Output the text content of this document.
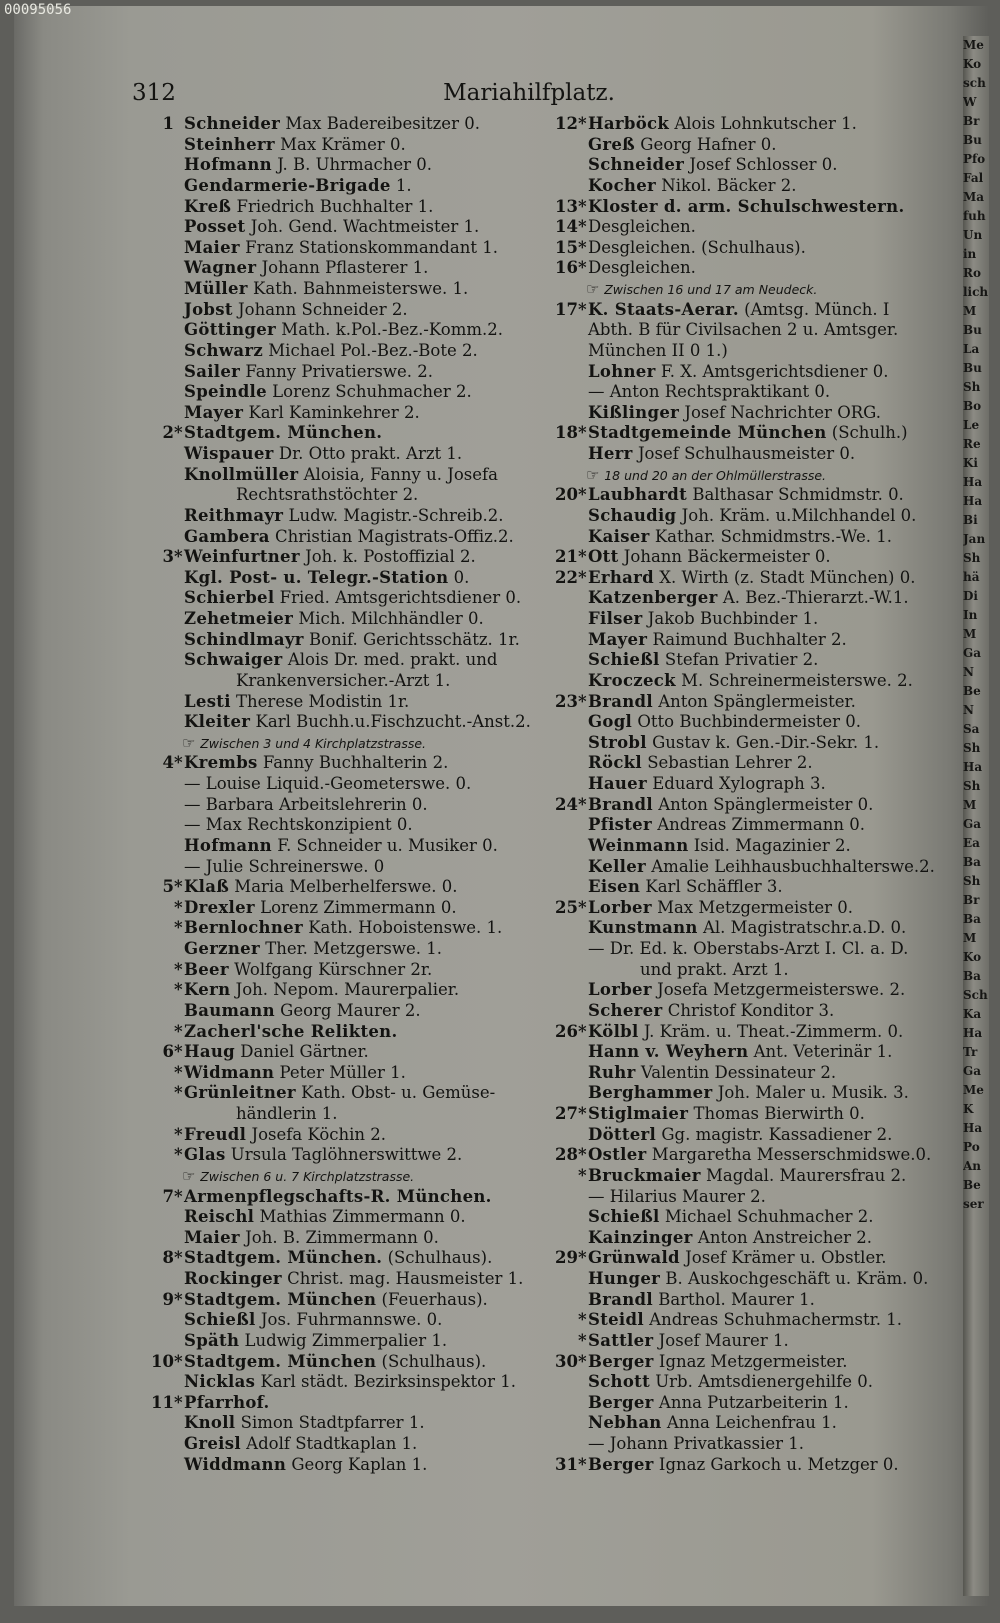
00095056
312	Mariahilfplatz.
1 Schneider Max Badereibesitzer 0.
Steinherr Max Krämer 0.
Hofmann J. B. Uhrmacher 0.
Gendarmerie-Brigade 1.
Kreß Friedrich Buchhalter 1.
Posset Joh. Gend. Wachtmeister 1.
Maier Franz Stationskommandant 1.
Wagner Johann Pflasterer 1.
Müller Kath. Bahnmeisterswe. 1.
Jobst Johann Schneider 2.
Göttinger Math. k.Pol.-Bez.-Komm.2.
Schwarz Michael Pol.-Bez.-Bote 2.
Sailer Fanny Privatierswe. 2.
Speindle Lorenz Schuhmacher 2.
Mayer Karl Kaminkehrer 2.
2*Stadtgem. München.
Wispauer Dr. Otto prakt. Arzt 1.
Knollmüller Aloisia, Fanny u. Josefa
Rechtsrathstöchter 2.
Reithmayr Ludw. Magistr.-Schreib.2.
Gambera Christian Magistrats-Offiz.2.
3*Weinfurtner Joh. k. Postoffizial 2.
Kgl. Post- u. Telegr.-Station 0.
Schierbel Fried. Amtsgerichtsdiener 0.
Zehetmeier Mich. Milchhändler 0.
Schindlmayr Bonif. Gerichtsschätz. 1r.
Schwaiger Alois Dr. med. prakt. und
Krankenversicher.-Arzt 1.
Lesti Therese Modistin 1r.
Kleiter Karl Buchh.u.Fischzucht.-Anst.2.
☞ Zwischen 3 und 4 Kirchplatzstrasse.
4*Krembs Fanny Buchhalterin 2.
— Louise Liquid.-Geometerswe. 0.
— Barbara Arbeitslehrerin 0.
— Max Rechtskonzipient 0.
Hofmann F. Schneider u. Musiker 0.
— Julie Schreinerswe. 0
5*Klaß Maria Melberhelferswe. 0.
*Drexler Lorenz Zimmermann 0.
*Bernlochner Kath. Hoboistenswe. 1.
Gerzner Ther. Metzgerswe. 1.
*Beer Wolfgang Kürschner 2r.
*Kern Joh. Nepom. Maurerpalier.
Baumann Georg Maurer 2.
*Zacherl'sche Relikten.
6*Haug Daniel Gärtner.
*Widmann Peter Müller 1.
*Grünleitner Kath. Obst- u. Gemüse-
händlerin 1.
*Freudl Josefa Köchin 2.
*Glas Ursula Taglöhnerswittwe 2.
☞ Zwischen 6 u. 7 Kirchplatzstrasse.
7*Armenpflegschafts-R. München.
Reischl Mathias Zimmermann 0.
Maier Joh. B. Zimmermann 0.
8*Stadtgem. München. (Schulhaus).
Rockinger Christ. mag. Hausmeister 1.
9*Stadtgem. München (Feuerhaus).
Schießl Jos. Fuhrmannswe. 0.
Späth Ludwig Zimmerpalier 1.
10*Stadtgem. München (Schulhaus).
Nicklas Karl städt. Bezirksinspektor 1.
11*Pfarrhof.
Knoll Simon Stadtpfarrer 1.
Greisl Adolf Stadtkaplan 1.
Widdmann Georg Kaplan 1.
12*Harböck Alois Lohnkutscher 1.
Greß Georg Hafner 0.
Schneider Josef Schlosser 0.
Kocher Nikol. Bäcker 2.
13*Kloster d. arm. Schulschwestern.
14*Desgleichen.
15*Desgleichen. (Schulhaus).
16*Desgleichen.
☞ Zwischen 16 und 17 am Neudeck.
17*K. Staats-Aerar. (Amtsg. Münch. I
Abth. B für Civilsachen 2 u. Amtsger.
München II 0 1.)
Lohner F. X. Amtsgerichtsdiener 0.
— Anton Rechtspraktikant 0.
Kißlinger Josef Nachrichter ORG.
18*Stadtgemeinde München (Schulh.)
Herr Josef Schulhausmeister 0.
☞ 18 und 20 an der Ohlmüllerstrasse.
20*Laubhardt Balthasar Schmidmstr. 0.
Schaudig Joh. Kräm. u.Milchhandel 0.
Kaiser Kathar. Schmidmstrs.-We. 1.
21*Ott Johann Bäckermeister 0.
22*Erhard X. Wirth (z. Stadt München) 0.
Katzenberger A. Bez.-Thierarzt.-W.1.
Filser Jakob Buchbinder 1.
Mayer Raimund Buchhalter 2.
Schießl Stefan Privatier 2.
Kroczeck M. Schreinermeisterswe. 2.
23*Brandl Anton Spänglermeister.
Gogl Otto Buchbindermeister 0.
Strobl Gustav k. Gen.-Dir.-Sekr. 1.
Röckl Sebastian Lehrer 2.
Hauer Eduard Xylograph 3.
24*Brandl Anton Spänglermeister 0.
Pfister Andreas Zimmermann 0.
Weinmann Isid. Magazinier 2.
Keller Amalie Leihhausbuchhalterswe.2.
Eisen Karl Schäffler 3.
25*Lorber Max Metzgermeister 0.
Kunstmann Al. Magistratschr.a.D. 0.
— Dr. Ed. k. Oberstabs-Arzt I. Cl. a. D.
und prakt. Arzt 1.
Lorber Josefa Metzgermeisterswe. 2.
Scherer Christof Konditor 3.
26*Kölbl J. Kräm. u. Theat.-Zimmerm. 0.
Hann v. Weyhern Ant. Veterinär 1.
Ruhr Valentin Dessinateur 2.
Berghammer Joh. Maler u. Musik. 3.
27*Stiglmaier Thomas Bierwirth 0.
Dötterl Gg. magistr. Kassadiener 2.
28*Ostler Margaretha Messerschmidswe.0.
*Bruckmaier Magdal. Maurersfrau 2.
— Hilarius Maurer 2.
Schießl Michael Schuhmacher 2.
Kainzinger Anton Anstreicher 2.
29*Grünwald Josef Krämer u. Obstler.
Hunger B. Auskochgeschäft u. Kräm. 0.
Brandl Barthol. Maurer 1.
*Steidl Andreas Schuhmachermstr. 1.
*Sattler Josef Maurer 1.
30*Berger Ignaz Metzgermeister.
Schott Urb. Amtsdienergehilfe 0.
Berger Anna Putzarbeiterin 1.
Nebhan Anna Leichenfrau 1.
— Johann Privatkassier 1.
31*Berger Ignaz Garkoch u. Metzger 0.
Me
Ko
sch
W
Br
Bu
Pfo
Fal
Ma
fuh
Un
in
Ro
lich
M
Bu
La
Bu
Sh
Bo
Le
Re
Ki
Ha
Ha
Bi
Jan
Sh
hä
Di
In
M
Ga
N
Be
N
Sa
Sh
Ha
Sh
M
Ga
Ea
Ba
Sh
Br
Ba
M
Ko
Ba
Sch
Ka
Ha
Tr
Ga
Me
K
Ha
Po
An
Be
ser
